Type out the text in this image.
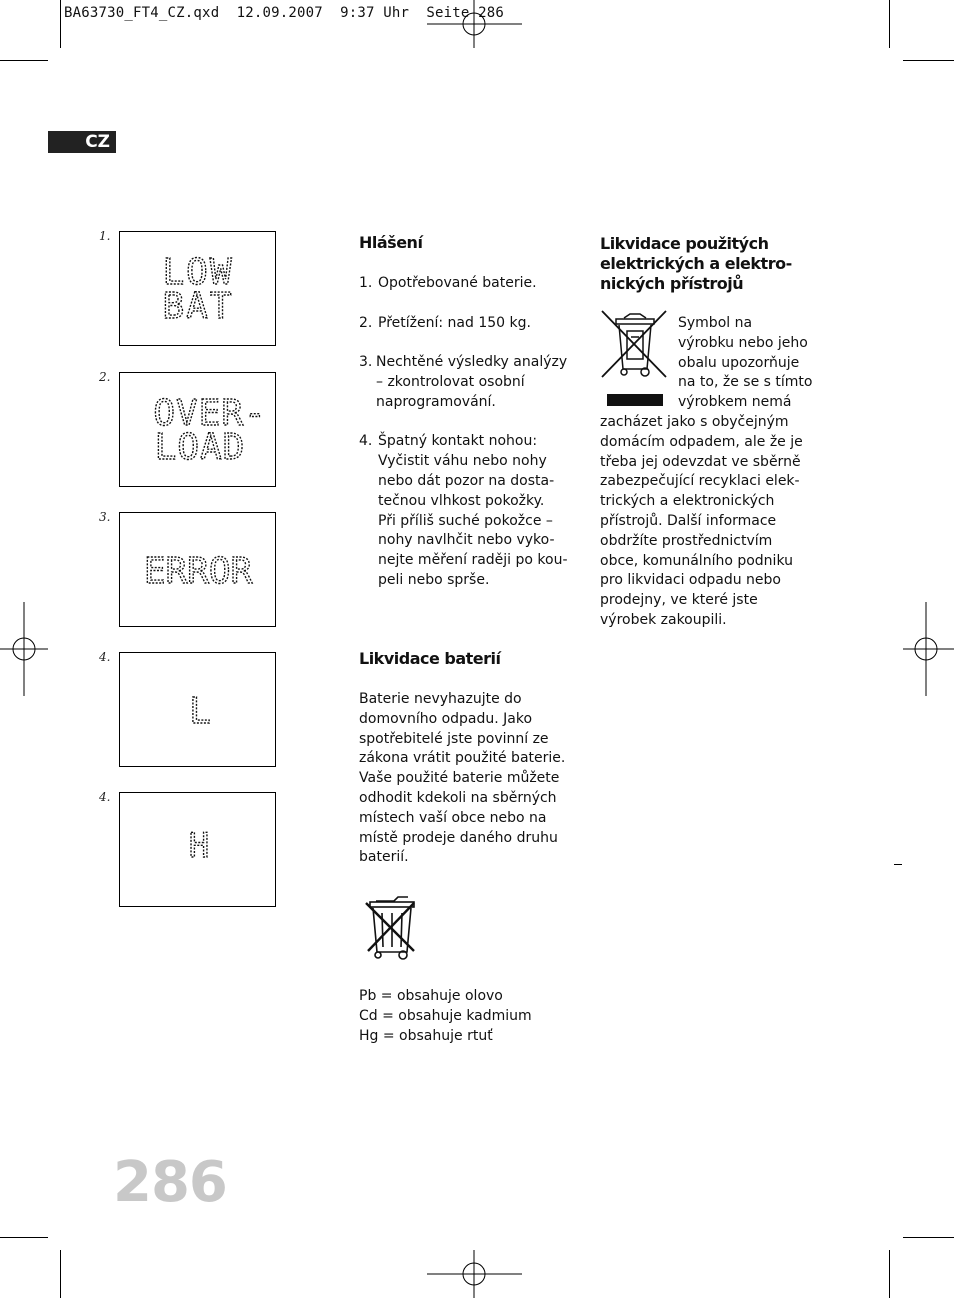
BA63730_FT4_CZ.qxd  12.09.2007  9:37 Uhr  Seite 286
CZ
1.
2.
3.
4.
4.
LOW
BAT
OVER-
LOAD
ERROR
L
H
Hlášení
1. Opotřebované baterie.
2. Přetížení: nad 150 kg.
3. Nechtěné výsledky analýzy
– zkontrolovat osobní
naprogramování.
4. Špatný kontakt nohou:
Vyčistit váhu nebo nohy
nebo dát pozor na dosta-
tečnou vlhkost pokožky.
Při příliš suché pokožce –
nohy navlhčit nebo vyko-
nejte měření raději po kou-
peli nebo sprše.
Likvidace baterií
Baterie nevyhazujte do
domovního odpadu. Jako
spotřebitelé jste povinní ze
zákona vrátit použité baterie.
Vaše použité baterie můžete
odhodit kdekoli na sběrných
místech vaší obce nebo na
místě prodeje daného druhu
baterií.
Pb = obsahuje olovo
Cd = obsahuje kadmium
Hg = obsahuje rtuť
Likvidace použitých
elektrických a elektro-
nických přístrojů
Symbol na
výrobku nebo jeho
obalu upozorňuje
na to, že se s tímto
výrobkem nemá
zacházet jako s obyčejným
domácím odpadem, ale že je
třeba jej odevzdat ve sběrně
zabezpečující recyklaci elek-
trických a elektronických
přístrojů. Další informace
obdržíte prostřednictvím
obce, komunálního podniku
pro likvidaci odpadu nebo
prodejny, ve které jste
výrobek zakoupili.
286
